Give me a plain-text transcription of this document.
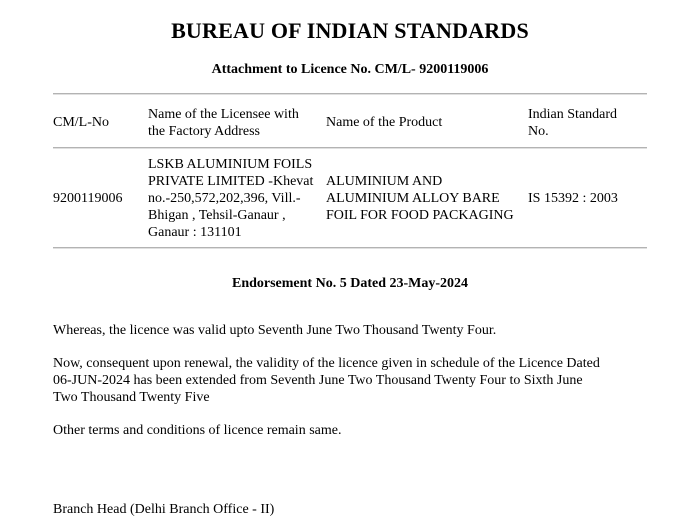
BUREAU OF INDIAN STANDARDS
Attachment to Licence No. CM/L- 9200119006
CM/L-No
Name of the Licensee with
the Factory Address
Name of the Product
Indian Standard
No.
9200119006
LSKB ALUMINIUM FOILS
PRIVATE LIMITED -Khevat
no.-250,572,202,396, Vill.-
Bhigan , Tehsil-Ganaur ,
Ganaur : 131101
ALUMINIUM AND
ALUMINIUM ALLOY BARE
FOIL FOR FOOD PACKAGING
IS 15392 : 2003
Endorsement No. 5 Dated 23-May-2024
Whereas, the licence was valid upto Seventh June Two Thousand Twenty Four.
Now, consequent upon renewal, the validity of the licence given in schedule of the Licence Dated
06-JUN-2024 has been extended from Seventh June Two Thousand Twenty Four to Sixth June
Two Thousand Twenty Five
Other terms and conditions of licence remain same.
Branch Head (Delhi Branch Office - II)
